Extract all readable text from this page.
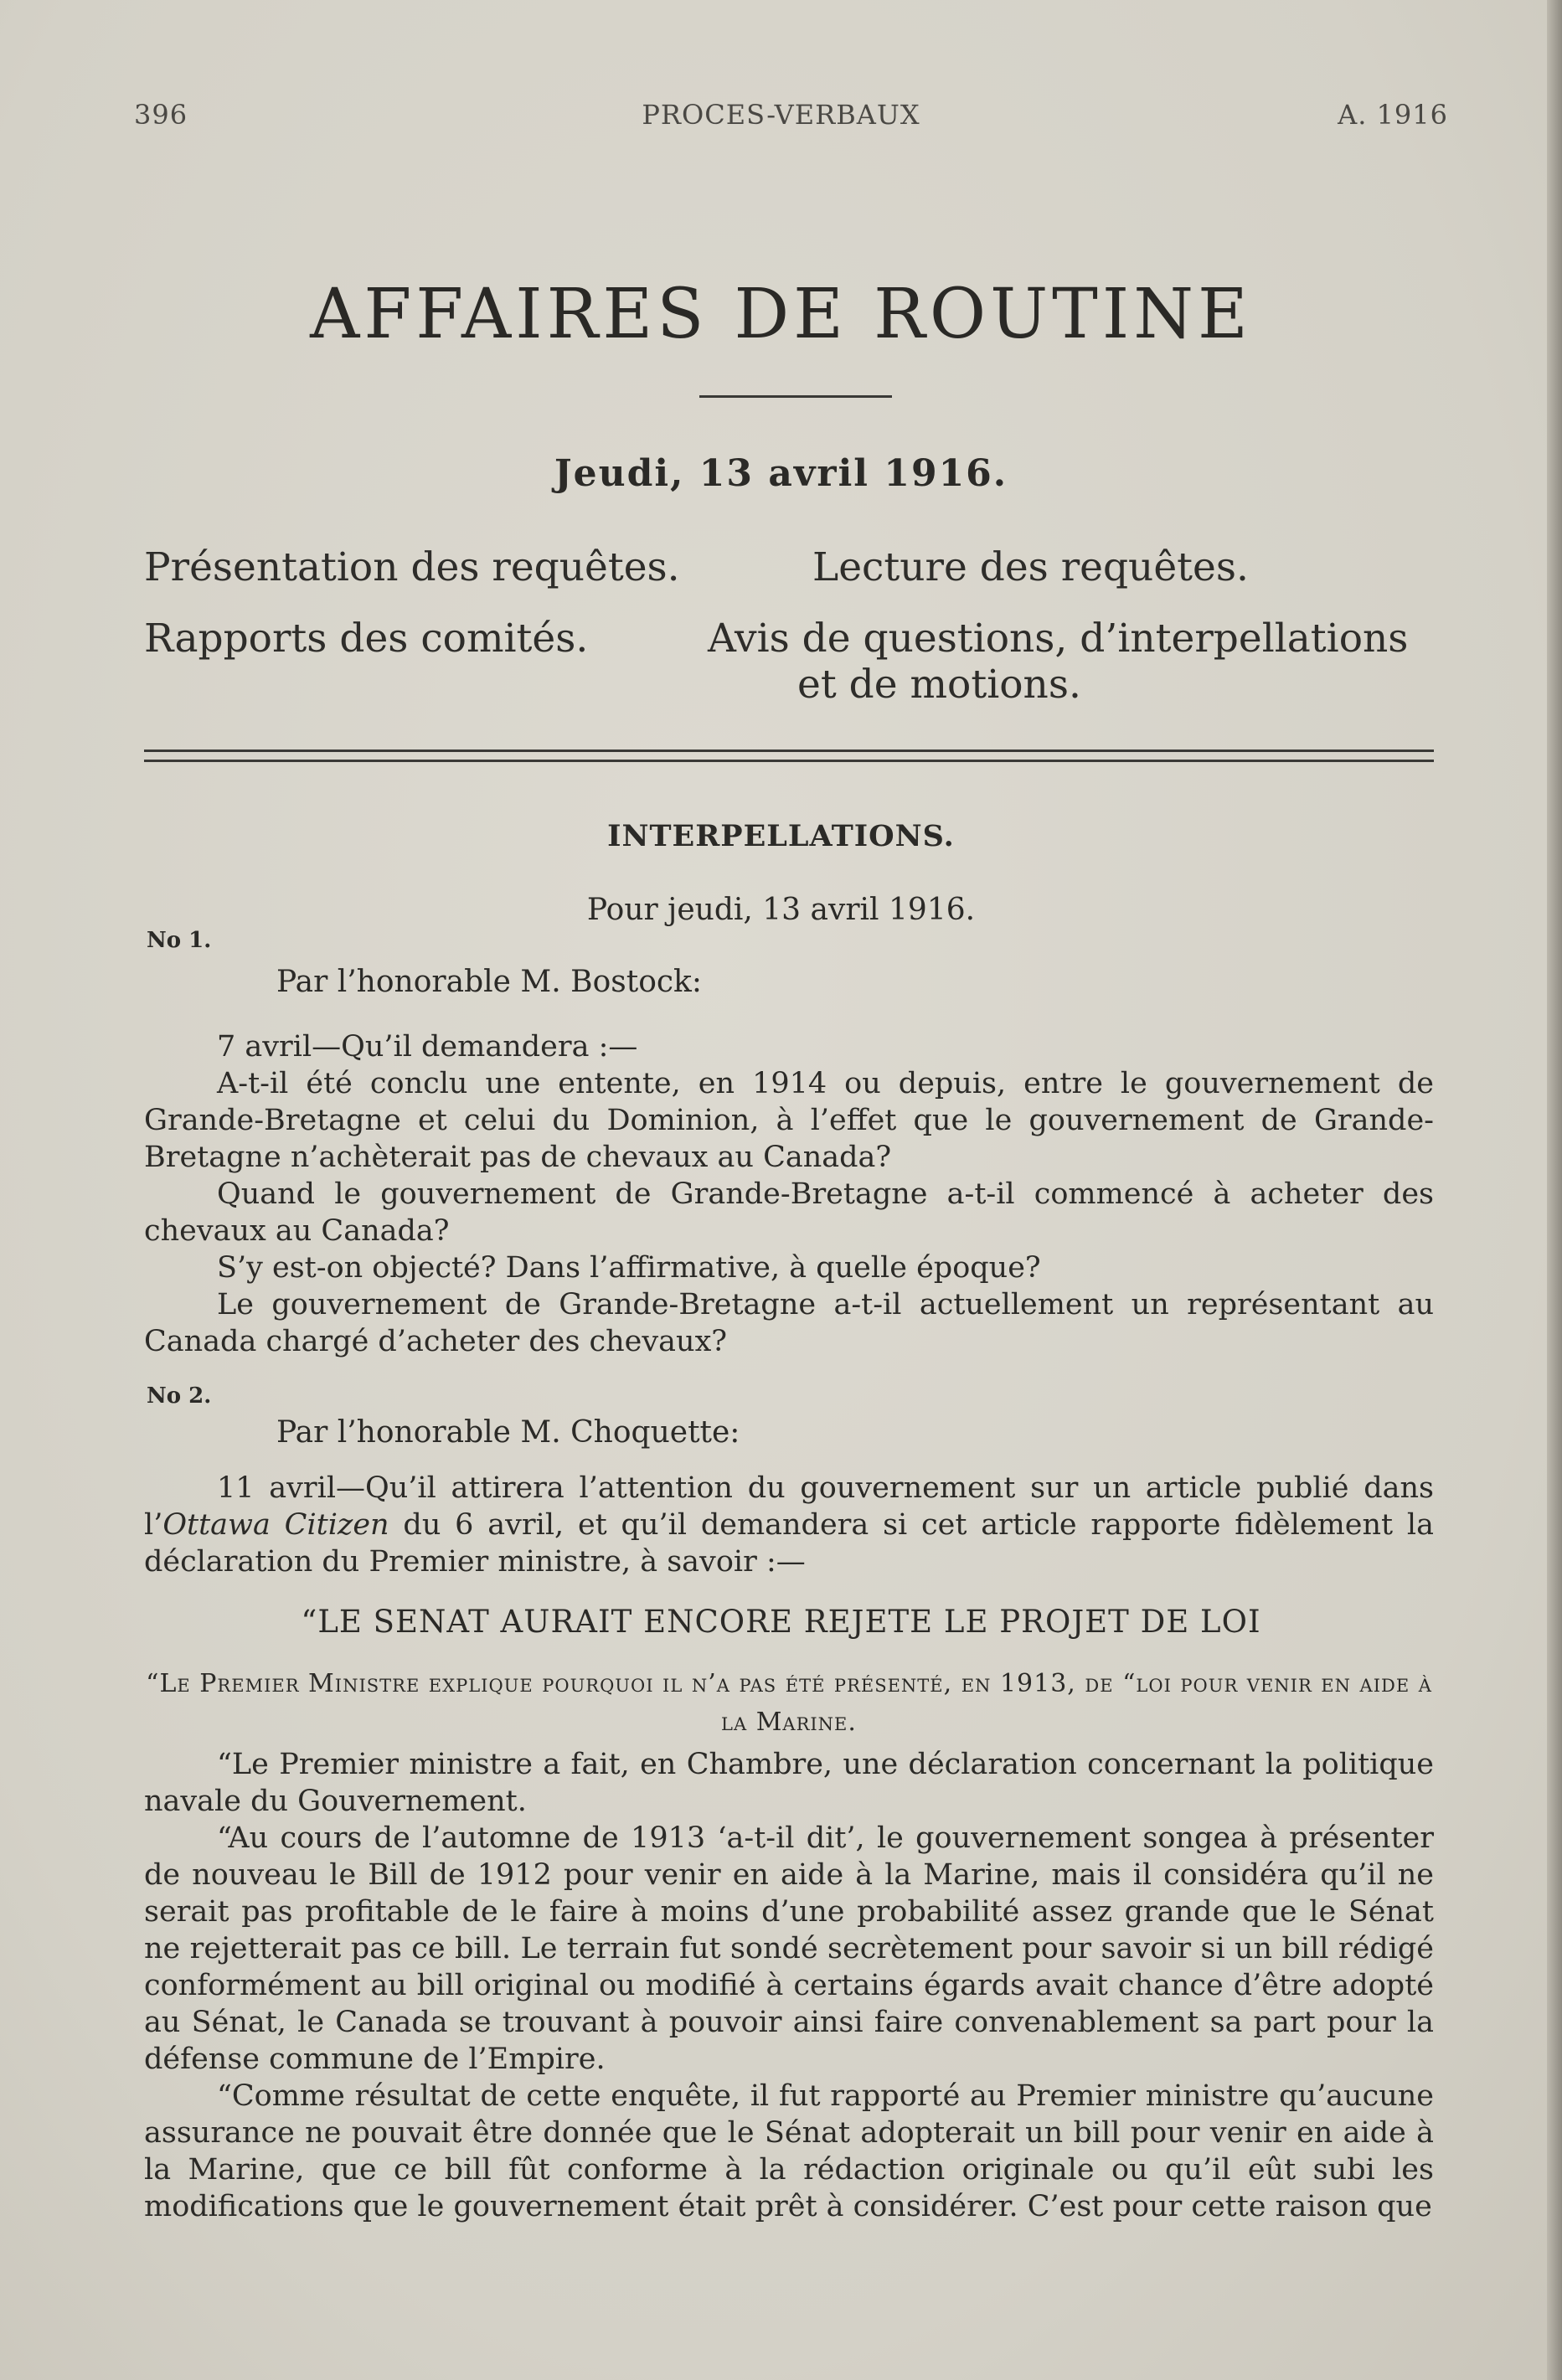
396	PROCES-VERBAUX	A. 1916
AFFAIRES DE ROUTINE
Jeudi, 13 avril 1916.
Présentation des requêtes.	Lecture des requêtes.
Rapports des comités.	Avis de questions, d’interpellations
et de motions.
INTERPELLATIONS.
Pour jeudi, 13 avril 1916.
No 1.
Par l’honorable M. Bostock:

7 avril—Qu’il demandera :—

A-t-il été conclu une entente, en 1914 ou depuis, entre le gouvernement de Grande-Bretagne et celui du Dominion, à l’effet que le gouvernement de Grande-Bretagne n’achèterait pas de chevaux au Canada?

Quand le gouvernement de Grande-Bretagne a-t-il commencé à acheter des chevaux au Canada?

S’y est-on objecté? Dans l’affirmative, à quelle époque?

Le gouvernement de Grande-Bretagne a-t-il actuellement un représentant au Canada chargé d’acheter des chevaux?

No 2.
Par l’honorable M. Choquette:

11 avril—Qu’il attirera l’attention du gouvernement sur un article publié dans l’Ottawa Citizen du 6 avril, et qu’il demandera si cet article rapporte fidèlement la déclaration du Premier ministre, à savoir :—

“LE SENAT AURAIT ENCORE REJETE LE PROJET DE LOI
“Le Premier Ministre explique pourquoi il n’a pas été présenté, en 1913, de “loi pour venir en aide à la Marine.

“Le Premier ministre a fait, en Chambre, une déclaration concernant la politique navale du Gouvernement.

“Au cours de l’automne de 1913 ‘a-t-il dit’, le gouvernement songea à présenter de nouveau le Bill de 1912 pour venir en aide à la Marine, mais il considéra qu’il ne serait pas profitable de le faire à moins d’une probabilité assez grande que le Sénat ne rejetterait pas ce bill. Le terrain fut sondé secrètement pour savoir si un bill rédigé conformément au bill original ou modifié à certains égards avait chance d’être adopté au Sénat, le Canada se trouvant à pouvoir ainsi faire convenablement sa part pour la défense commune de l’Empire.

“Comme résultat de cette enquête, il fut rapporté au Premier ministre qu’aucune assurance ne pouvait être donnée que le Sénat adopterait un bill pour venir en aide à la Marine, que ce bill fût conforme à la rédaction originale ou qu’il eût subi les modifications que le gouvernement était prêt à considérer. C’est pour cette raison que
